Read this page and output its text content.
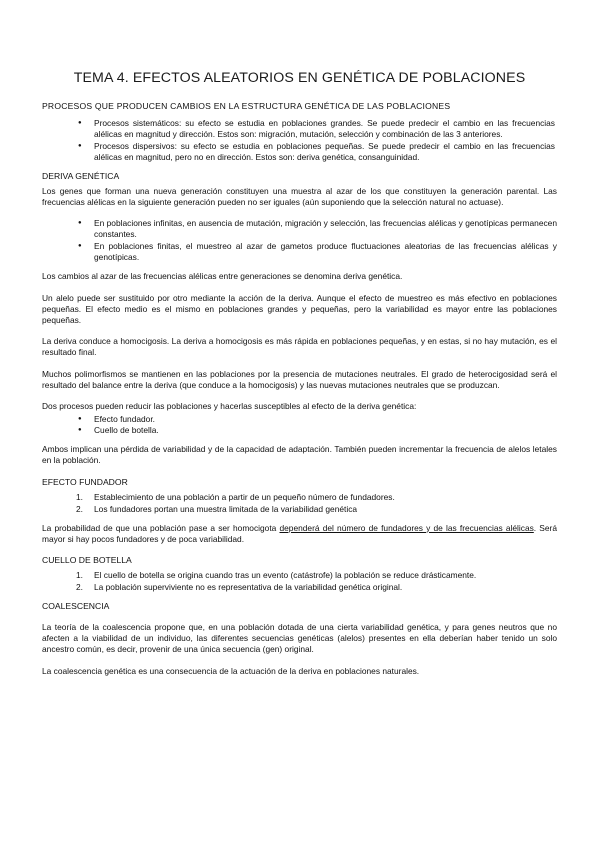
TEMA 4. EFECTOS ALEATORIOS EN GENÉTICA DE POBLACIONES
PROCESOS QUE PRODUCEN CAMBIOS EN LA ESTRUCTURA GENÉTICA DE LAS POBLACIONES
● Procesos sistemáticos: su efecto se estudia en poblaciones grandes. Se puede predecir el cambio en las frecuencias alélicas en magnitud y dirección. Estos son: migración, mutación, selección y combinación de las 3 anteriores.
● Procesos dispersivos: su efecto se estudia en poblaciones pequeñas. Se puede predecir el cambio en las frecuencias alélicas en magnitud, pero no en dirección. Estos son: deriva genética, consanguinidad.
DERIVA GENÉTICA

Los genes que forman una nueva generación constituyen una muestra al azar de los que constituyen la generación parental. Las frecuencias alélicas en la siguiente generación pueden no ser iguales (aún suponiendo que la selección natural no actuase).

● En poblaciones infinitas, en ausencia de mutación, migración y selección, las frecuencias alélicas y genotípicas permanecen constantes.
● En poblaciones finitas, el muestreo al azar de gametos produce fluctuaciones aleatorias de las frecuencias alélicas y genotípicas.

Los cambios al azar de las frecuencias alélicas entre generaciones se denomina deriva genética.

Un alelo puede ser sustituido por otro mediante la acción de la deriva. Aunque el efecto de muestreo es más efectivo en poblaciones pequeñas. El efecto medio es el mismo en poblaciones grandes y pequeñas, pero la variabilidad es mayor entre las poblaciones pequeñas.

La deriva conduce a homocigosis. La deriva a homocigosis es más rápida en poblaciones pequeñas, y en estas, si no hay mutación, es el resultado final.

Muchos polimorfismos se mantienen en las poblaciones por la presencia de mutaciones neutrales. El grado de heterocigosidad será el resultado del balance entre la deriva (que conduce a la homocigosis) y las nuevas mutaciones neutrales que se produzcan.

Dos procesos pueden reducir las poblaciones y hacerlas susceptibles al efecto de la deriva genética:

● Efecto fundador.
● Cuello de botella.

Ambos implican una pérdida de variabilidad y de la capacidad de adaptación. También pueden incrementar la frecuencia de alelos letales en la población.

EFECTO FUNDADOR
1. Establecimiento de una población a partir de un pequeño número de fundadores.
2. Los fundadores portan una muestra limitada de la variabilidad genética

La probabilidad de que una población pase a ser homocigota dependerá del número de fundadores y de las frecuencias alélicas. Será mayor si hay pocos fundadores y de poca variabilidad.

CUELLO DE BOTELLA
1. El cuello de botella se origina cuando tras un evento (catástrofe) la población se reduce drásticamente.
2. La población superviviente no es representativa de la variabilidad genética original.
COALESCENCIA

La teoría de la coalescencia propone que, en una población dotada de una cierta variabilidad genética, y para genes neutros que no afecten a la viabilidad de un individuo, las diferentes secuencias genéticas (alelos) presentes en ella deberían haber tenido un solo ancestro común, es decir, provenir de una única secuencia (gen) original.

La coalescencia genética es una consecuencia de la actuación de la deriva en poblaciones naturales.
